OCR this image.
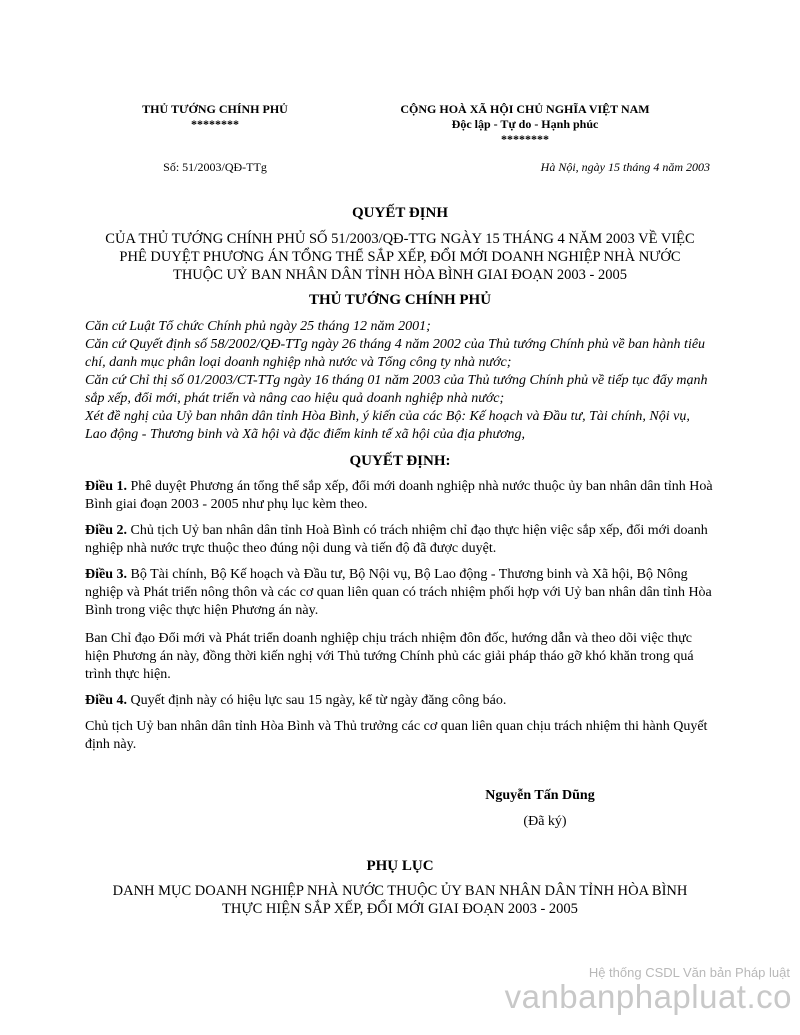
THỦ TƯỚNG CHÍNH PHỦ
********
CỘNG HOÀ XÃ HỘI CHỦ NGHĨA VIỆT NAM
Độc lập - Tự do - Hạnh phúc
********
Số: 51/2003/QĐ-TTg	Hà Nội, ngày 15 tháng 4 năm 2003
QUYẾT ĐỊNH
CỦA THỦ TƯỚNG CHÍNH PHỦ SỐ 51/2003/QĐ-TTG NGÀY 15 THÁNG 4 NĂM 2003 VỀ VIỆC PHÊ DUYỆT PHƯƠNG ÁN TỔNG THỂ SẮP XẾP, ĐỔI MỚI DOANH NGHIỆP NHÀ NƯỚC THUỘC UỶ BAN NHÂN DÂN TỈNH HÒA BÌNH GIAI ĐOẠN 2003 - 2005
THỦ TƯỚNG CHÍNH PHỦ

Căn cứ Luật Tổ chức Chính phủ ngày 25 tháng 12 năm 2001;

Căn cứ Quyết định số 58/2002/QĐ-TTg ngày 26 tháng 4 năm 2002 của Thủ tướng Chính phủ về ban hành tiêu chí, danh mục phân loại doanh nghiệp nhà nước và Tổng công ty nhà nước;

Căn cứ Chỉ thị số 01/2003/CT-TTg ngày 16 tháng 01 năm 2003 của Thủ tướng Chính phủ về tiếp tục đẩy mạnh sắp xếp, đổi mới, phát triển và nâng cao hiệu quả doanh nghiệp nhà nước;

Xét đề nghị của Uỷ ban nhân dân tỉnh Hòa Bình, ý kiến của các Bộ: Kế hoạch và Đầu tư, Tài chính, Nội vụ, Lao động - Thương binh và Xã hội và đặc điểm kinh tế xã hội của địa phương,

QUYẾT ĐỊNH:

Điều 1. Phê duyệt Phương án tổng thể sắp xếp, đổi mới doanh nghiệp nhà nước thuộc ủy ban nhân dân tỉnh Hoà Bình giai đoạn 2003 - 2005 như phụ lục kèm theo.

Điều 2. Chủ tịch Uỷ ban nhân dân tỉnh Hoà Bình có trách nhiệm chỉ đạo thực hiện việc sắp xếp, đổi mới doanh nghiệp nhà nước trực thuộc theo đúng nội dung và tiến độ đã được duyệt.

Điều 3. Bộ Tài chính, Bộ Kế hoạch và Đầu tư, Bộ Nội vụ, Bộ Lao động - Thương binh và Xã hội, Bộ Nông nghiệp và Phát triển nông thôn và các cơ quan liên quan có trách nhiệm phối hợp với Uỷ ban nhân dân tỉnh Hòa Bình trong việc thực hiện Phương án này.

Ban Chỉ đạo Đổi mới và Phát triển doanh nghiệp chịu trách nhiệm đôn đốc, hướng dẫn và theo dõi việc thực hiện Phương án này, đồng thời kiến nghị với Thủ tướng Chính phủ các giải pháp tháo gỡ khó khăn trong quá trình thực hiện.

Điều 4. Quyết định này có hiệu lực sau 15 ngày, kể từ ngày đăng công báo.

Chủ tịch Uỷ ban nhân dân tỉnh Hòa Bình và Thủ trưởng các cơ quan liên quan chịu trách nhiệm thi hành Quyết định này.

Nguyễn Tấn Dũng
(Đã ký)
PHỤ LỤC
DANH MỤC DOANH NGHIỆP NHÀ NƯỚC THUỘC ỦY BAN NHÂN DÂN TỈNH HÒA BÌNH THỰC HIỆN SẮP XẾP, ĐỔI MỚI GIAI ĐOẠN 2003 - 2005
Hệ thống CSDL Văn bản Pháp luật
vanbanphapluat.co
